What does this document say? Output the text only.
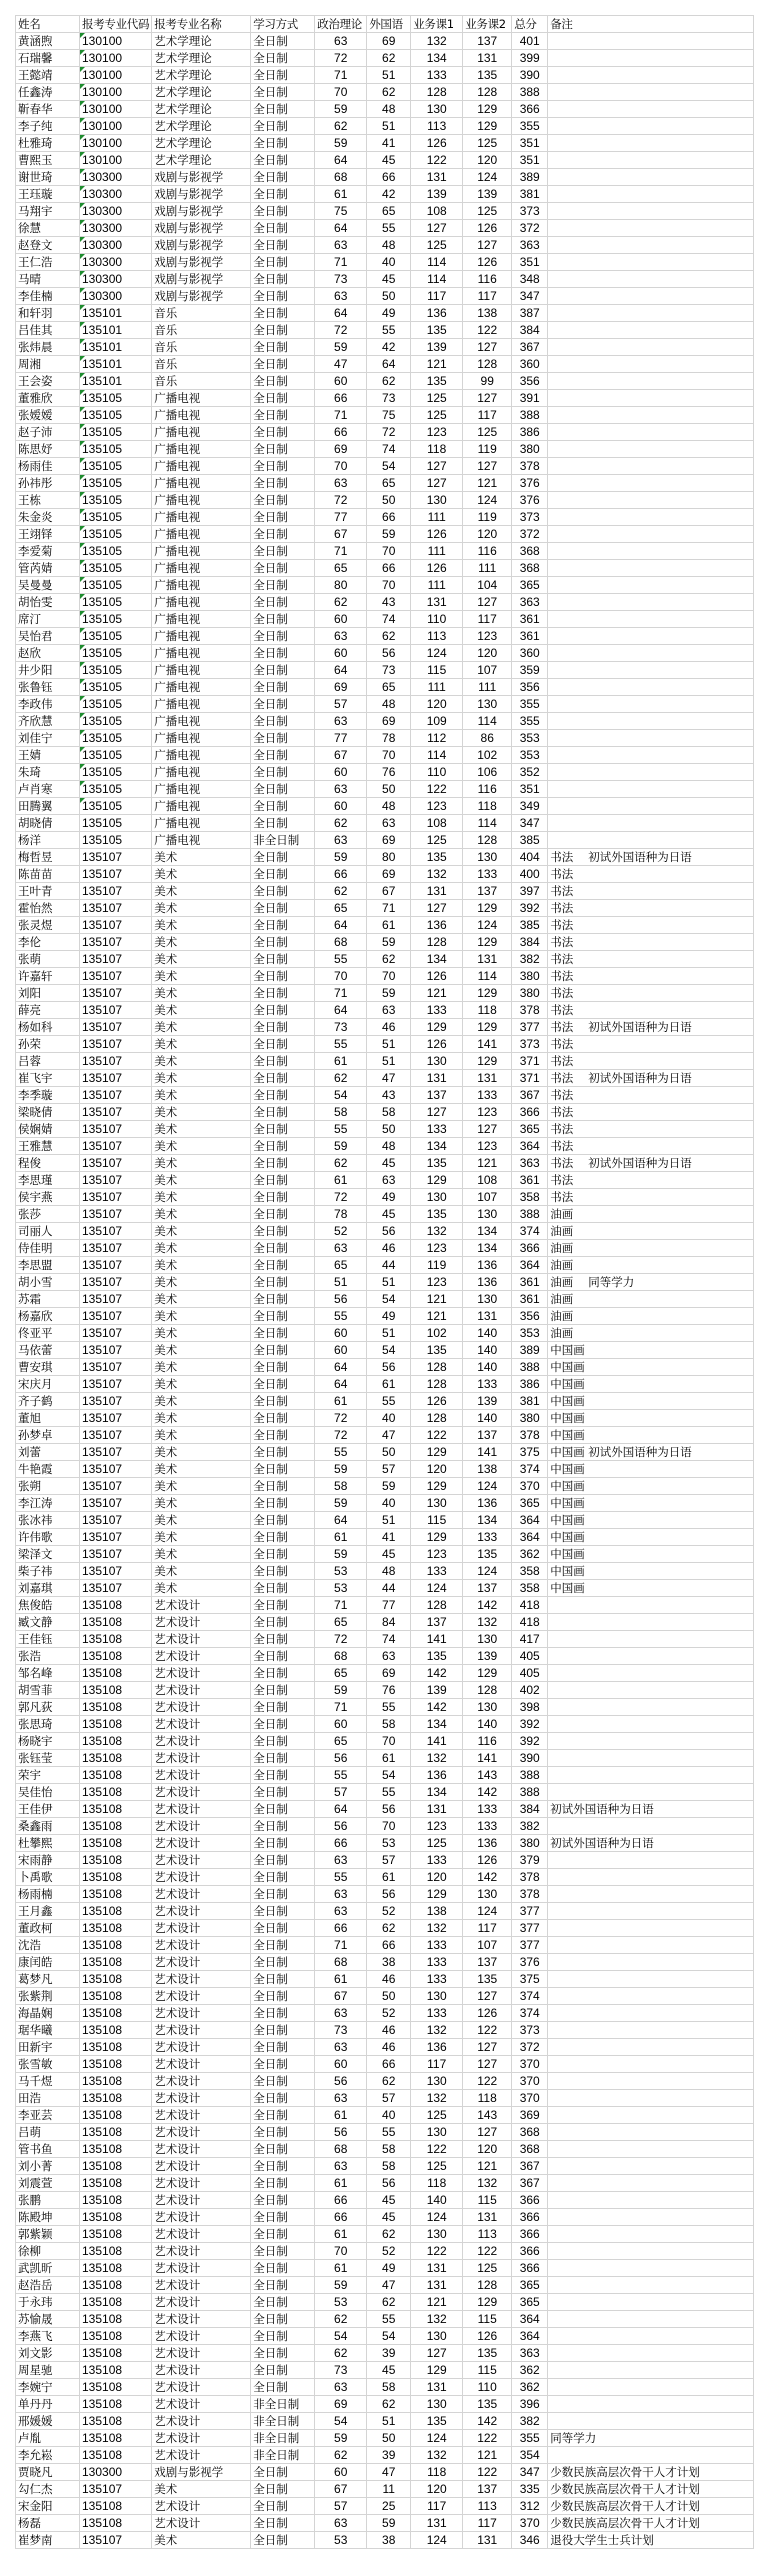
姓名	报考专业代码	报考专业名称	学习方式	政治理论	外国语	业务课1	业务课2	总分	备注
黄涵煦	130100	艺术学理论	全日制	63	69	132	137	401	
石瑞馨	130100	艺术学理论	全日制	72	62	134	131	399	
王懿靖	130100	艺术学理论	全日制	71	51	133	135	390	
任鑫涛	130100	艺术学理论	全日制	70	62	128	128	388	
靳春华	130100	艺术学理论	全日制	59	48	130	129	366	
李子纯	130100	艺术学理论	全日制	62	51	113	129	355	
杜雅琦	130100	艺术学理论	全日制	59	41	126	125	351	
曹熙玉	130100	艺术学理论	全日制	64	45	122	120	351	
谢世琦	130300	戏剧与影视学	全日制	68	66	131	124	389	
王珏璇	130300	戏剧与影视学	全日制	61	42	139	139	381	
马翔宇	130300	戏剧与影视学	全日制	75	65	108	125	373	
徐慧	130300	戏剧与影视学	全日制	64	55	127	126	372	
赵登文	130300	戏剧与影视学	全日制	63	48	125	127	363	
王仁浩	130300	戏剧与影视学	全日制	71	40	114	126	351	
马晴	130300	戏剧与影视学	全日制	73	45	114	116	348	
李佳楠	130300	戏剧与影视学	全日制	63	50	117	117	347	
和轩羽	135101	音乐	全日制	64	49	136	138	387	
吕佳其	135101	音乐	全日制	72	55	135	122	384	
张炜晨	135101	音乐	全日制	59	42	139	127	367	
周湘	135101	音乐	全日制	47	64	121	128	360	
王会姿	135101	音乐	全日制	60	62	135	99	356	
董雅欣	135105	广播电视	全日制	66	73	125	127	391	
张嫒嫒	135105	广播电视	全日制	71	75	125	117	388	
赵子沛	135105	广播电视	全日制	66	72	123	125	386	
陈思妤	135105	广播电视	全日制	69	74	118	119	380	
杨雨佳	135105	广播电视	全日制	70	54	127	127	378	
孙祎彤	135105	广播电视	全日制	63	65	127	121	376	
王栋	135105	广播电视	全日制	72	50	130	124	376	
朱金炎	135105	广播电视	全日制	77	66	111	119	373	
王翊铎	135105	广播电视	全日制	67	59	126	120	372	
李爱菊	135105	广播电视	全日制	71	70	111	116	368	
管芮婧	135105	广播电视	全日制	65	66	126	111	368	
吴曼曼	135105	广播电视	全日制	80	70	111	104	365	
胡怡雯	135105	广播电视	全日制	62	43	131	127	363	
席汀	135105	广播电视	全日制	60	74	110	117	361	
吴怡君	135105	广播电视	全日制	63	62	113	123	361	
赵欣	135105	广播电视	全日制	60	56	124	120	360	
井少阳	135105	广播电视	全日制	64	73	115	107	359	
张鲁钰	135105	广播电视	全日制	69	65	111	111	356	
李政伟	135105	广播电视	全日制	57	48	120	130	355	
齐欣慧	135105	广播电视	全日制	63	69	109	114	355	
刘佳宁	135105	广播电视	全日制	77	78	112	86	353	
王婧	135105	广播电视	全日制	67	70	114	102	353	
朱琦	135105	广播电视	全日制	60	76	110	106	352	
卢肖寒	135105	广播电视	全日制	63	50	122	116	351	
田腾翼	135105	广播电视	全日制	60	48	123	118	349	
胡晓倩	135105	广播电视	全日制	62	63	108	114	347	
杨洋	135105	广播电视	非全日制	63	69	125	128	385	
梅哲昱	135107	美术	全日制	59	80	135	130	404	书法 初试外国语种为日语
陈苗苗	135107	美术	全日制	66	69	132	133	400	书法
王叶青	135107	美术	全日制	62	67	131	137	397	书法
霍怡然	135107	美术	全日制	65	71	127	129	392	书法
张灵煜	135107	美术	全日制	64	61	136	124	385	书法
李伦	135107	美术	全日制	68	59	128	129	384	书法
张萌	135107	美术	全日制	55	62	134	131	382	书法
许嘉轩	135107	美术	全日制	70	70	126	114	380	书法
刘阳	135107	美术	全日制	71	59	121	129	380	书法
薛亮	135107	美术	全日制	64	63	133	118	378	书法
杨如科	135107	美术	全日制	73	46	129	129	377	书法 初试外国语种为日语
孙荣	135107	美术	全日制	55	51	126	141	373	书法
吕蓉	135107	美术	全日制	61	51	130	129	371	书法
崔飞宇	135107	美术	全日制	62	47	131	131	371	书法 初试外国语种为日语
李季璇	135107	美术	全日制	54	43	137	133	367	书法
梁晓倩	135107	美术	全日制	58	58	127	123	366	书法
侯娴婧	135107	美术	全日制	55	50	133	127	365	书法
王雅慧	135107	美术	全日制	59	48	134	123	364	书法
程俊	135107	美术	全日制	62	45	135	121	363	书法 初试外国语种为日语
李思瑾	135107	美术	全日制	61	63	129	108	361	书法
侯宇燕	135107	美术	全日制	72	49	130	107	358	书法
张莎	135107	美术	全日制	78	45	135	130	388	油画
司丽人	135107	美术	全日制	52	56	132	134	374	油画
侍佳明	135107	美术	全日制	63	46	123	134	366	油画
李思盟	135107	美术	全日制	65	44	119	136	364	油画
胡小雪	135107	美术	全日制	51	51	123	136	361	油画 同等学力
苏霜	135107	美术	全日制	56	54	121	130	361	油画
杨嘉欣	135107	美术	全日制	55	49	121	131	356	油画
佟亚平	135107	美术	全日制	60	51	102	140	353	油画
马依蕾	135107	美术	全日制	60	54	135	140	389	中国画
曹安琪	135107	美术	全日制	64	56	128	140	388	中国画
宋庆月	135107	美术	全日制	64	61	128	133	386	中国画
齐子鹤	135107	美术	全日制	61	55	126	139	381	中国画
董旭	135107	美术	全日制	72	40	128	140	380	中国画
孙梦卓	135107	美术	全日制	72	47	122	137	378	中国画
刘蕾	135107	美术	全日制	55	50	129	141	375	中国画 初试外国语种为日语
牛艳霞	135107	美术	全日制	59	57	120	138	374	中国画
张朔	135107	美术	全日制	58	59	129	124	370	中国画
李江涛	135107	美术	全日制	59	40	130	136	365	中国画
张冰祎	135107	美术	全日制	64	51	115	134	364	中国画
许伟歌	135107	美术	全日制	61	41	129	133	364	中国画
梁泽文	135107	美术	全日制	59	45	123	135	362	中国画
柴子祎	135107	美术	全日制	53	48	133	124	358	中国画
刘嘉琪	135107	美术	全日制	53	44	124	137	358	中国画
焦俊皓	135108	艺术设计	全日制	71	77	128	142	418	
臧文静	135108	艺术设计	全日制	65	84	137	132	418	
王佳钰	135108	艺术设计	全日制	72	74	141	130	417	
张浩	135108	艺术设计	全日制	68	63	135	139	405	
邹名峰	135108	艺术设计	全日制	65	69	142	129	405	
胡雪菲	135108	艺术设计	全日制	59	76	139	128	402	
郭凡荻	135108	艺术设计	全日制	71	55	142	130	398	
张思琦	135108	艺术设计	全日制	60	58	134	140	392	
杨晓宇	135108	艺术设计	全日制	65	70	141	116	392	
张钰莹	135108	艺术设计	全日制	56	61	132	141	390	
荣宇	135108	艺术设计	全日制	55	54	136	143	388	
吴佳怡	135108	艺术设计	全日制	57	55	134	142	388	
王佳伊	135108	艺术设计	全日制	64	56	131	133	384	初试外国语种为日语
桑鑫雨	135108	艺术设计	全日制	56	70	123	133	382	
杜攀熙	135108	艺术设计	全日制	66	53	125	136	380	初试外国语种为日语
宋雨静	135108	艺术设计	全日制	63	57	133	126	379	
卜禹歌	135108	艺术设计	全日制	55	61	120	142	378	
杨雨楠	135108	艺术设计	全日制	63	56	129	130	378	
王月鑫	135108	艺术设计	全日制	63	52	138	124	377	
董政柯	135108	艺术设计	全日制	66	62	132	117	377	
沈浩	135108	艺术设计	全日制	71	66	133	107	377	
康闰皓	135108	艺术设计	全日制	68	38	133	137	376	
葛梦凡	135108	艺术设计	全日制	61	46	133	135	375	
张紫荆	135108	艺术设计	全日制	67	50	130	127	374	
海晶娴	135108	艺术设计	全日制	63	52	133	126	374	
琚华曦	135108	艺术设计	全日制	73	46	132	122	373	
田新宇	135108	艺术设计	全日制	63	46	136	127	372	
张雪敏	135108	艺术设计	全日制	60	66	117	127	370	
马千煜	135108	艺术设计	全日制	56	62	130	122	370	
田浩	135108	艺术设计	全日制	63	57	132	118	370	
李亚芸	135108	艺术设计	全日制	61	40	125	143	369	
吕萌	135108	艺术设计	全日制	56	55	130	127	368	
管书鱼	135108	艺术设计	全日制	68	58	122	120	368	
刘小菁	135108	艺术设计	全日制	63	58	125	121	367	
刘震萱	135108	艺术设计	全日制	61	56	118	132	367	
张鹏	135108	艺术设计	全日制	66	45	140	115	366	
陈殿坤	135108	艺术设计	全日制	66	45	124	131	366	
郭紫颖	135108	艺术设计	全日制	61	62	130	113	366	
徐柳	135108	艺术设计	全日制	70	52	122	122	366	
武凯昕	135108	艺术设计	全日制	61	49	131	125	366	
赵浩岳	135108	艺术设计	全日制	59	47	131	128	365	
于永玮	135108	艺术设计	全日制	53	62	121	129	365	
苏愉晟	135108	艺术设计	全日制	62	55	132	115	364	
李燕飞	135108	艺术设计	全日制	54	54	130	126	364	
刘文影	135108	艺术设计	全日制	62	39	127	135	363	
周星驰	135108	艺术设计	全日制	73	45	129	115	362	
李婉宁	135108	艺术设计	全日制	63	58	131	110	362	
单丹丹	135108	艺术设计	非全日制	69	62	130	135	396	
邢媛媛	135108	艺术设计	非全日制	54	51	135	142	382	
卢胤	135108	艺术设计	非全日制	59	50	124	122	355	同等学力
李允崧	135108	艺术设计	非全日制	62	39	132	121	354	
贾晓凡	130300	戏剧与影视学	全日制	60	47	118	122	347	少数民族高层次骨干人才计划
勾仁杰	135107	美术	全日制	67	11	120	137	335	少数民族高层次骨干人才计划
宋金阳	135108	艺术设计	全日制	57	25	117	113	312	少数民族高层次骨干人才计划
杨磊	135108	艺术设计	全日制	63	59	131	117	370	少数民族高层次骨干人才计划
崔梦南	135107	美术	全日制	53	38	124	131	346	退役大学生士兵计划
